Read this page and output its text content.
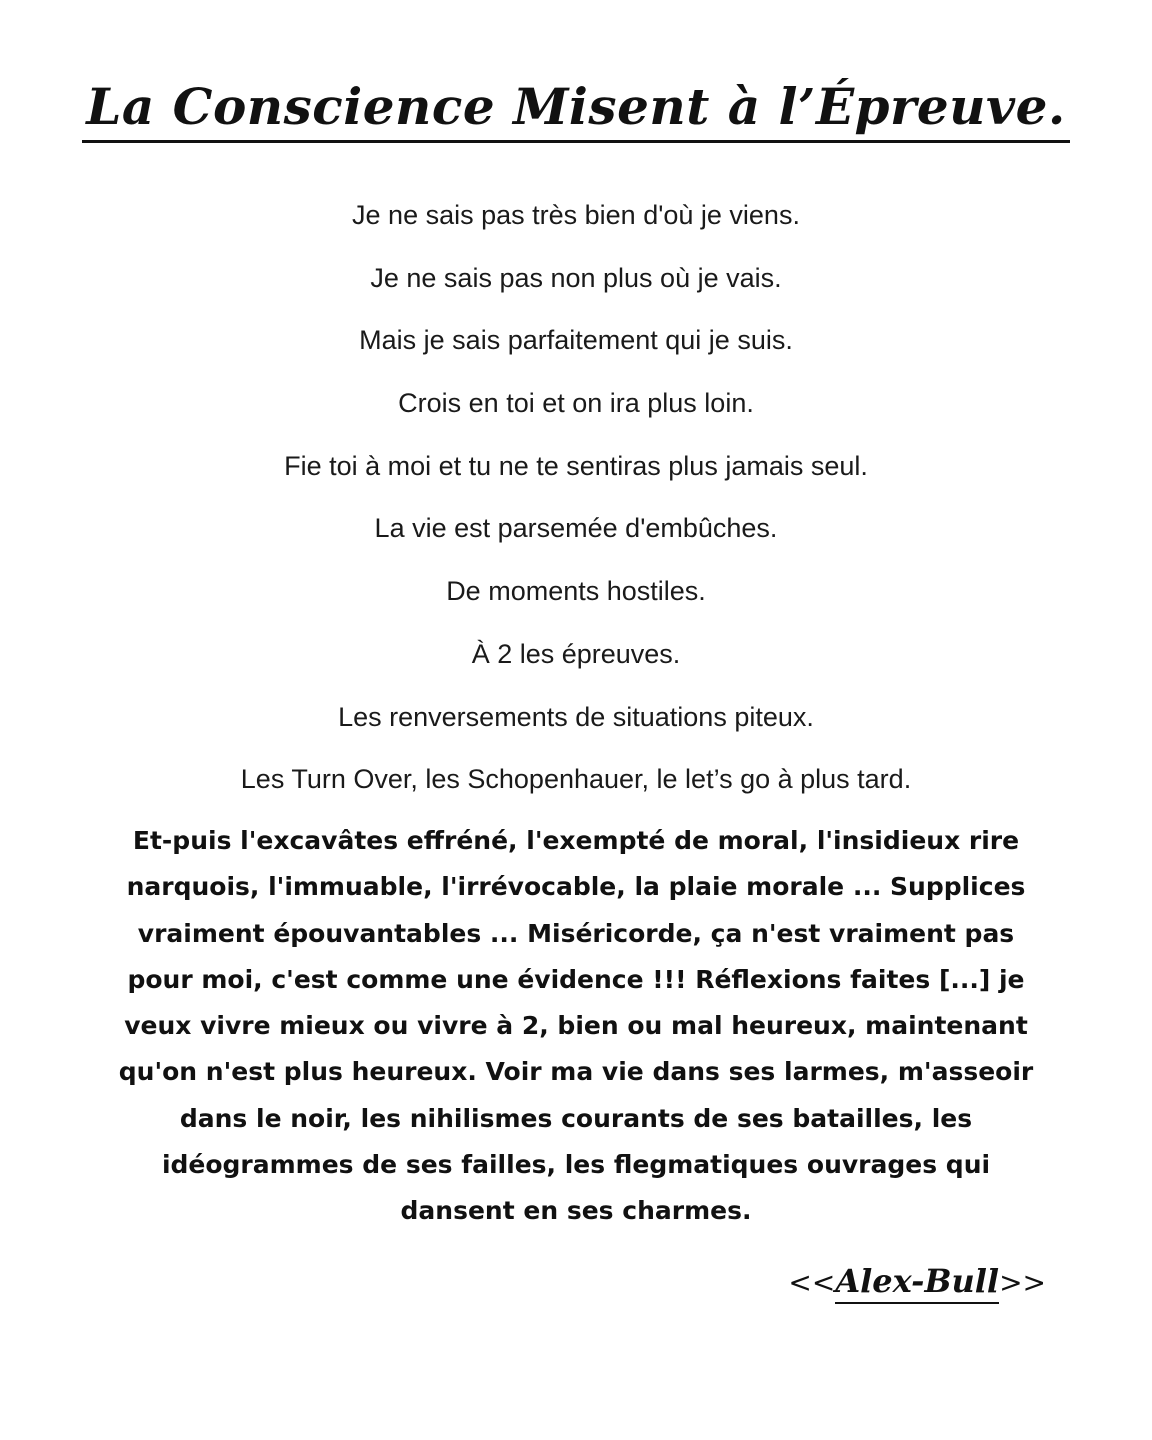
La Conscience Misent à l’Épreuve.
Je ne sais pas très bien d'où je viens.
Je ne sais pas non plus où je vais.
Mais je sais parfaitement qui je suis.
Crois en toi et on ira plus loin.
Fie toi à moi et tu ne te sentiras plus jamais seul.
La vie est parsemée d'embûches.
De moments hostiles.
À 2 les épreuves.
Les renversements de situations piteux.
Les Turn Over, les Schopenhauer, le let’s go à plus tard.

Et-puis l'excavâtes effréné, l'exempté de moral, l'insidieux rire narquois, l'immuable, l'irrévocable, la plaie morale ... Supplices vraiment épouvantables ... Miséricorde, ça n'est vraiment pas pour moi, c'est comme une évidence !!! Réflexions faites [...] je veux vivre mieux ou vivre à 2, bien ou mal heureux, maintenant qu'on n'est plus heureux. Voir ma vie dans ses larmes, m'asseoir dans le noir, les nihilismes courants de ses batailles, les idéogrammes de ses failles, les flegmatiques ouvrages qui dansent en ses charmes.

<<Alex-Bull>>
